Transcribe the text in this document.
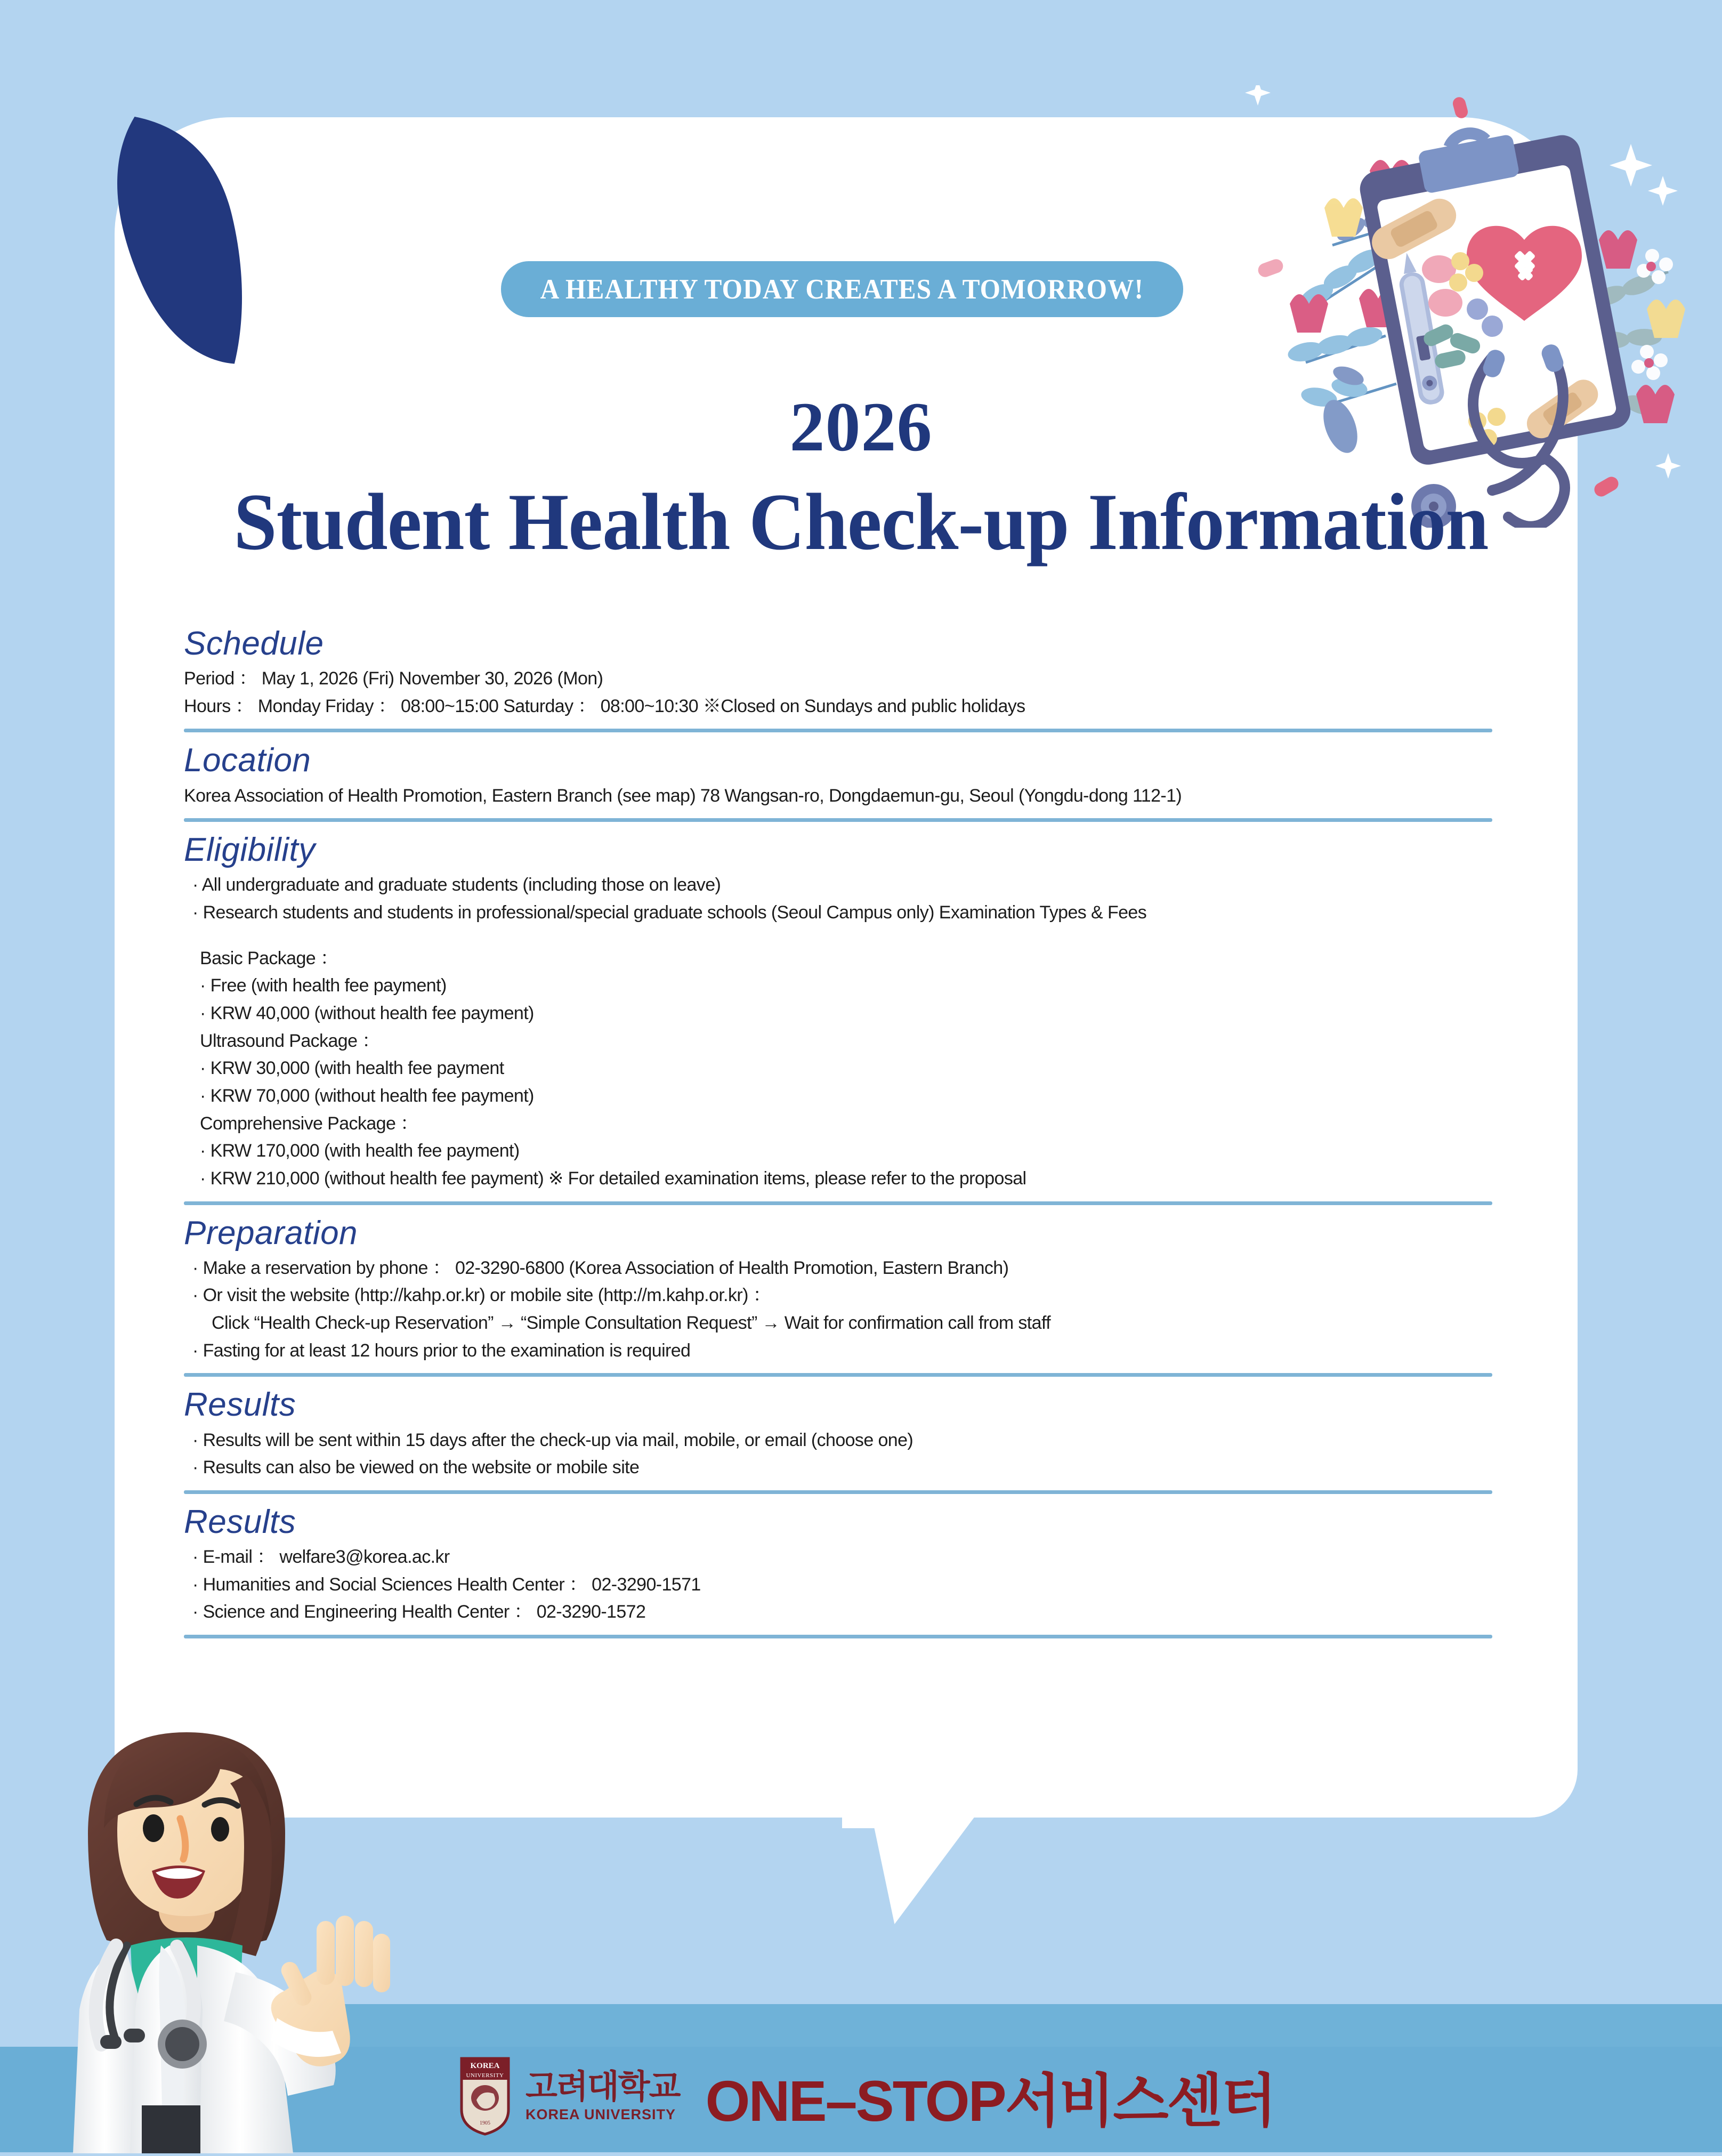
A HEALTHY TODAY CREATES A TOMORROW!
2026
Student Health Check-up Information
Schedule
Period ： May 1, 2026 (Fri) November 30, 2026 (Mon)
Hours ： Monday Friday ： 08:00~15:00 Saturday ： 08:00~10:30 ※Closed on Sundays and public holidays
Location
Korea Association of Health Promotion, Eastern Branch (see map) 78 Wangsan-ro, Dongdaemun-gu, Seoul (Yongdu-dong 112-1)
Eligibility
· All undergraduate and graduate students (including those on leave)
· Research students and students in professional/special graduate schools (Seoul Campus only) Examination Types & Fees
Basic Package ：
· Free (with health fee payment)
· KRW 40,000 (without health fee payment)
Ultrasound Package ：
· KRW 30,000 (with health fee payment
· KRW 70,000 (without health fee payment)
Comprehensive Package ：
· KRW 170,000 (with health fee payment)
· KRW 210,000 (without health fee payment) ※ For detailed examination items, please refer to the proposal
Preparation
· Make a reservation by phone ： 02-3290-6800 (Korea Association of Health Promotion, Eastern Branch)
· Or visit the website (http://kahp.or.kr) or mobile site (http://m.kahp.or.kr) ：
Click “Health Check-up Reservation” → “Simple Consultation Request” → Wait for confirmation call from staff
· Fasting for at least 12 hours prior to the examination is required
Results
· Results will be sent within 15 days after the check-up via mail, mobile, or email (choose one)
· Results can also be viewed on the website or mobile site
Results
· E-mail ： welfare3@korea.ac.kr
· Humanities and Social Sciences Health Center ： 02-3290-1571
· Science and Engineering Health Center ： 02-3290-1572
KOREA
UNIVERSITY
1905
고려대학교
KOREA UNIVERSITY ONE–STOP서비스센터
